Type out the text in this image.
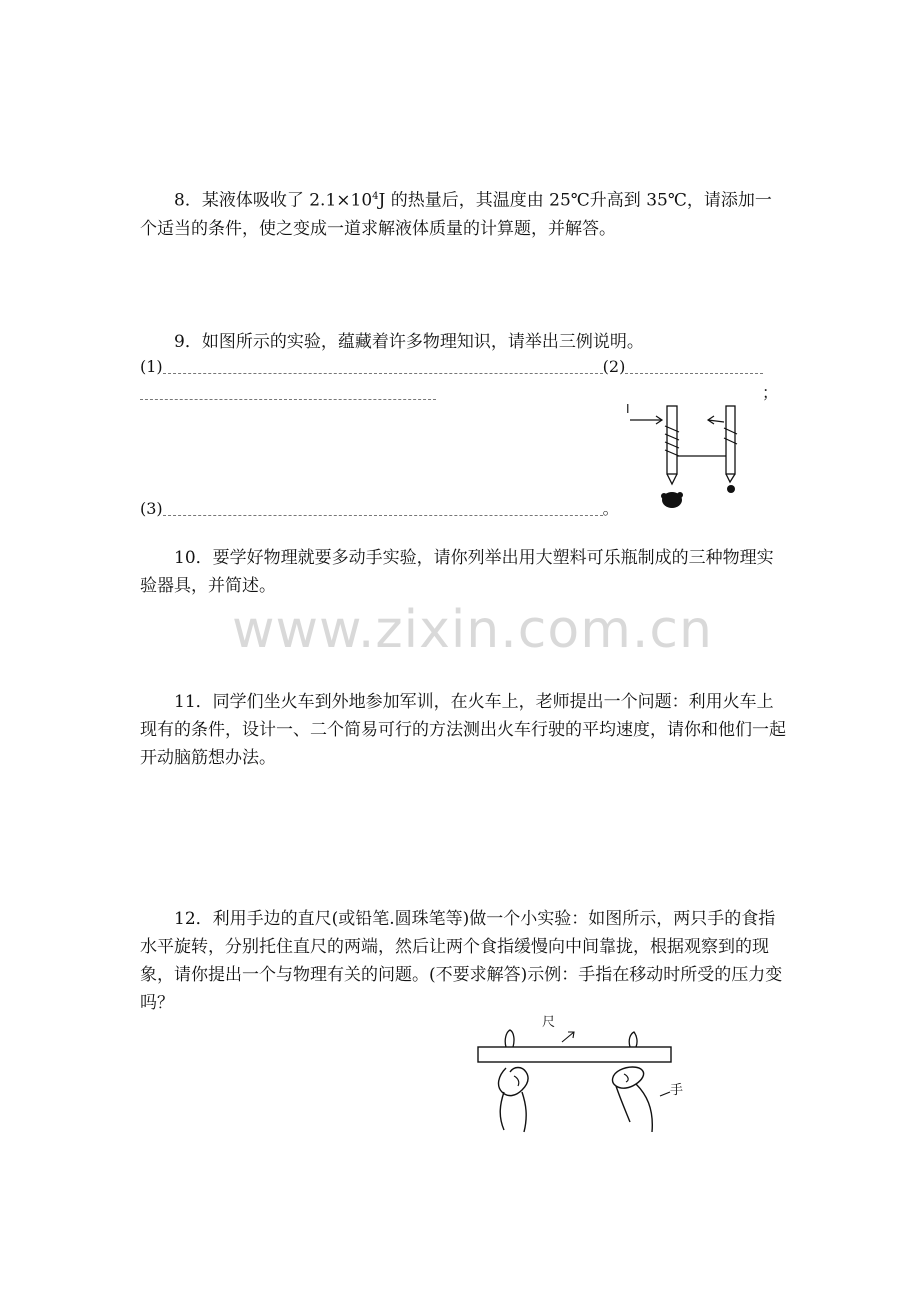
www.zixin.com.cn
8．某液体吸收了 $2.1\times 10^4J$ 的热量后，其温度由 25℃升高到 35℃，请添加一个适当的条件，使之变成一道求解液体质量的计算题，并解答。
9．如图所示的实验，蕴藏着许多物理知识，请举出三例说明。
(1)	(2)
；
(3)	。
I
10．要学好物理就要多动手实验，请你列举出用大塑料可乐瓶制成的三种物理实验器具，并简述。
11．同学们坐火车到外地参加军训，在火车上，老师提出一个问题：利用火车上现有的条件，设计一、二个简易可行的方法测出火车行驶的平均速度，请你和他们一起开动脑筋想办法。
12．利用手边的直尺(或铅笔.圆珠笔等)做一个小实验：如图所示，两只手的食指水平旋转，分别托住直尺的两端，然后让两个食指缓慢向中间靠拢，根据观察到的现象，请你提出一个与物理有关的问题。(不要求解答)示例：手指在移动时所受的压力变吗？
尺
手
